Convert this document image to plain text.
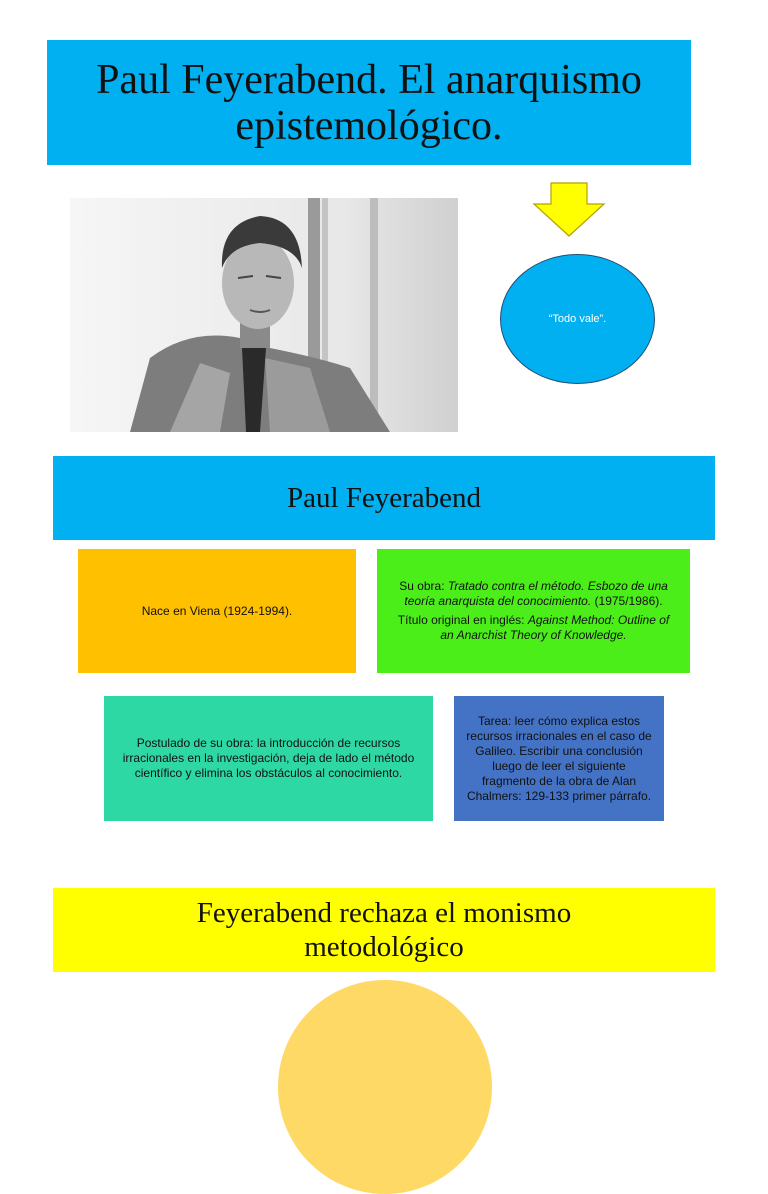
Paul Feyerabend. El anarquismo
epistemológico.
“Todo vale”.
Paul Feyerabend
Nace en Viena (1924-1994).

Su obra: Tratado contra el método. Esbozo de una teoría anarquista del conocimiento. (1975/1986).

Título original en inglés: Against Method: Outline of an Anarchist Theory of Knowledge.

Postulado de su obra: la introducción de recursos irracionales en la investigación, deja de lado el método científico y elimina los obstáculos al conocimiento.
Tarea: leer cómo explica estos recursos irracionales en el caso de Galileo. Escribir una conclusión luego de leer el siguiente fragmento de la obra de Alan Chalmers: 129-133 primer párrafo.
Feyerabend rechaza el monismo
metodológico
